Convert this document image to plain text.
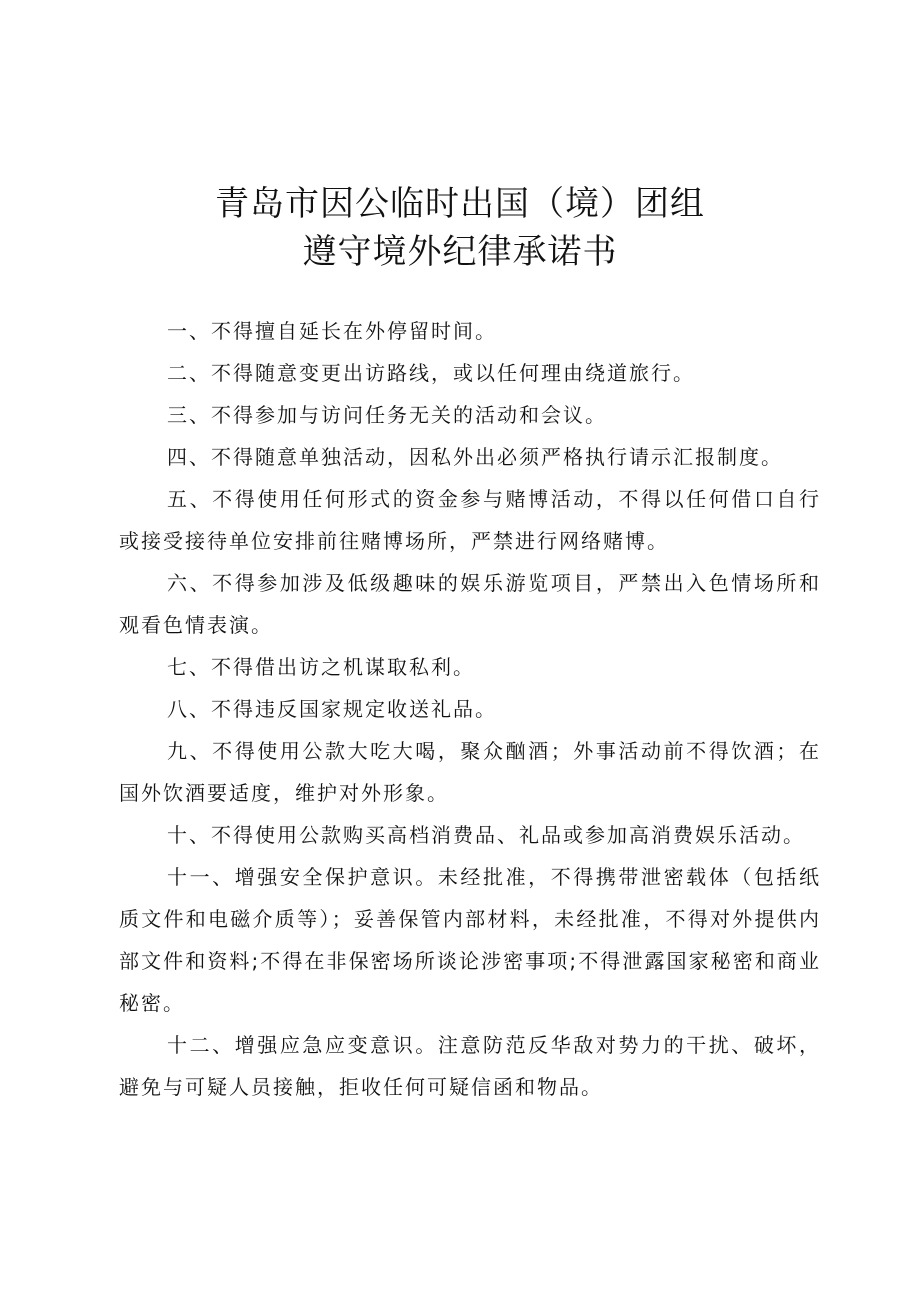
青岛市因公临时出国（境）团组
遵守境外纪律承诺书

一、不得擅自延长在外停留时间。

二、不得随意变更出访路线，或以任何理由绕道旅行。

三、不得参加与访问任务无关的活动和会议。

四、不得随意单独活动，因私外出必须严格执行请示汇报制度。

五、不得使用任何形式的资金参与赌博活动，不得以任何借口自行或接受接待单位安排前往赌博场所，严禁进行网络赌博。

六、不得参加涉及低级趣味的娱乐游览项目，严禁出入色情场所和观看色情表演。

七、不得借出访之机谋取私利。

八、不得违反国家规定收送礼品。

九、不得使用公款大吃大喝，聚众酗酒；外事活动前不得饮酒；在国外饮酒要适度，维护对外形象。

十、不得使用公款购买高档消费品、礼品或参加高消费娱乐活动。

十一、增强安全保护意识。未经批准，不得携带泄密载体（包括纸质文件和电磁介质等）；妥善保管内部材料，未经批准，不得对外提供内部文件和资料;不得在非保密场所谈论涉密事项;不得泄露国家秘密和商业秘密。

十二、增强应急应变意识。注意防范反华敌对势力的干扰、破坏，避免与可疑人员接触，拒收任何可疑信函和物品。
